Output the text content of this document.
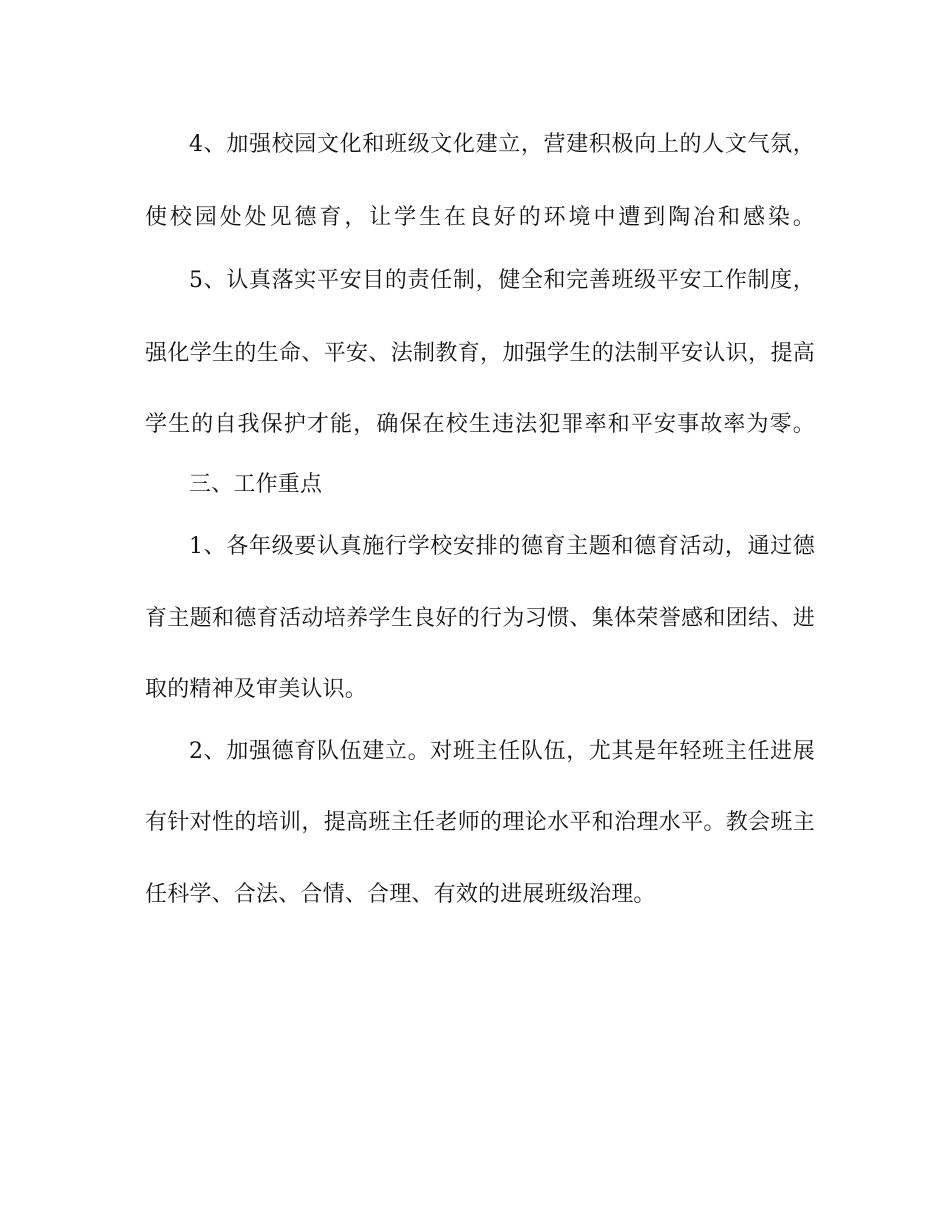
4、加强校园文化和班级文化建立，营建积极向上的人文气氛，
使校园处处见德育，让学生在良好的环境中遭到陶冶和感染。
5、认真落实平安目的责任制，健全和完善班级平安工作制度，
强化学生的生命、平安、法制教育，加强学生的法制平安认识，提高
学生的自我保护才能，确保在校生违法犯罪率和平安事故率为零。
三、工作重点
1、各年级要认真施行学校安排的德育主题和德育活动，通过德
育主题和德育活动培养学生良好的行为习惯、集体荣誉感和团结、进
取的精神及审美认识。
2、加强德育队伍建立。对班主任队伍，尤其是年轻班主任进展
有针对性的培训，提高班主任老师的理论水平和治理水平。教会班主
任科学、合法、合情、合理、有效的进展班级治理。
